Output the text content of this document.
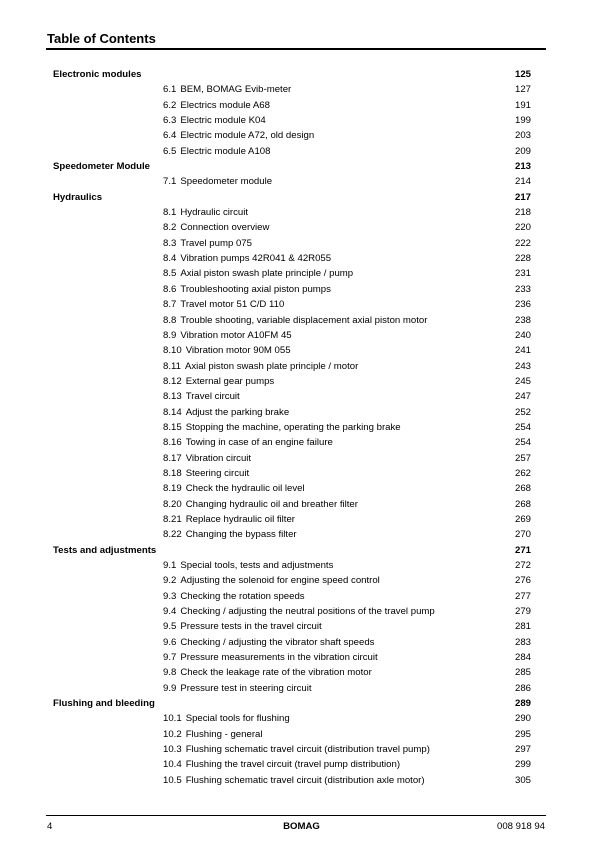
Table of Contents
Electronic modules	125
6.1 BEM, BOMAG Evib-meter	127
6.2 Electrics module A68	191
6.3 Electric module K04	199
6.4 Electric module A72, old design	203
6.5 Electric module A108	209
Speedometer Module	213
7.1 Speedometer module	214
Hydraulics	217
8.1 Hydraulic circuit	218
8.2 Connection overview	220
8.3 Travel pump 075	222
8.4 Vibration pumps 42R041 & 42R055	228
8.5 Axial piston swash plate principle / pump	231
8.6 Troubleshooting axial piston pumps	233
8.7 Travel motor 51 C/D 110	236
8.8 Trouble shooting, variable displacement axial piston motor	238
8.9 Vibration motor A10FM 45	240
8.10 Vibration motor 90M 055	241
8.11 Axial piston swash plate principle / motor	243
8.12 External gear pumps	245
8.13 Travel circuit	247
8.14 Adjust the parking brake	252
8.15 Stopping the machine, operating the parking brake	254
8.16 Towing in case of an engine failure	254
8.17 Vibration circuit	257
8.18 Steering circuit	262
8.19 Check the hydraulic oil level	268
8.20 Changing hydraulic oil and breather filter	268
8.21 Replace hydraulic oil filter	269
8.22 Changing the bypass filter	270
Tests and adjustments	271
9.1 Special tools, tests and adjustments	272
9.2 Adjusting the solenoid for engine speed control	276
9.3 Checking the rotation speeds	277
9.4 Checking / adjusting the neutral positions of the travel pump	279
9.5 Pressure tests in the travel circuit	281
9.6 Checking / adjusting the vibrator shaft speeds	283
9.7 Pressure measurements in the vibration circuit	284
9.8 Check the leakage rate of the vibration motor	285
9.9 Pressure test in steering circuit	286
Flushing and bleeding	289
10.1 Special tools for flushing	290
10.2 Flushing - general	295
10.3 Flushing schematic travel circuit (distribution travel pump)	297
10.4 Flushing the travel circuit (travel pump distribution)	299
10.5 Flushing schematic travel circuit (distribution axle motor)	305
4	BOMAG	008 918 94
